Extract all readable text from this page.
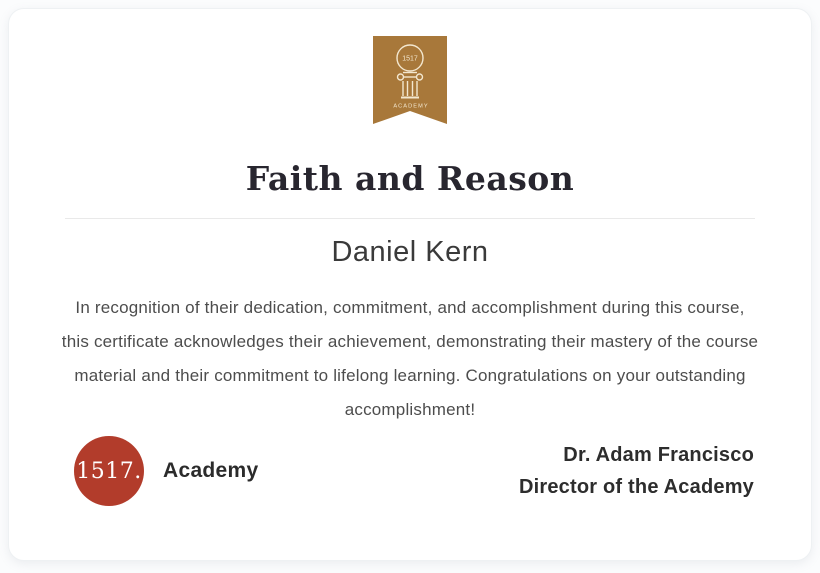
1517
ACADEMY
Faith and Reason
Daniel Kern

In recognition of their dedication, commitment, and accomplishment during this course, this certificate acknowledges their achievement, demonstrating their mastery of the course material and their commitment to lifelong learning. Congratulations on your outstanding accomplishment!

1517. Academy
Dr. Adam Francisco
Director of the Academy
